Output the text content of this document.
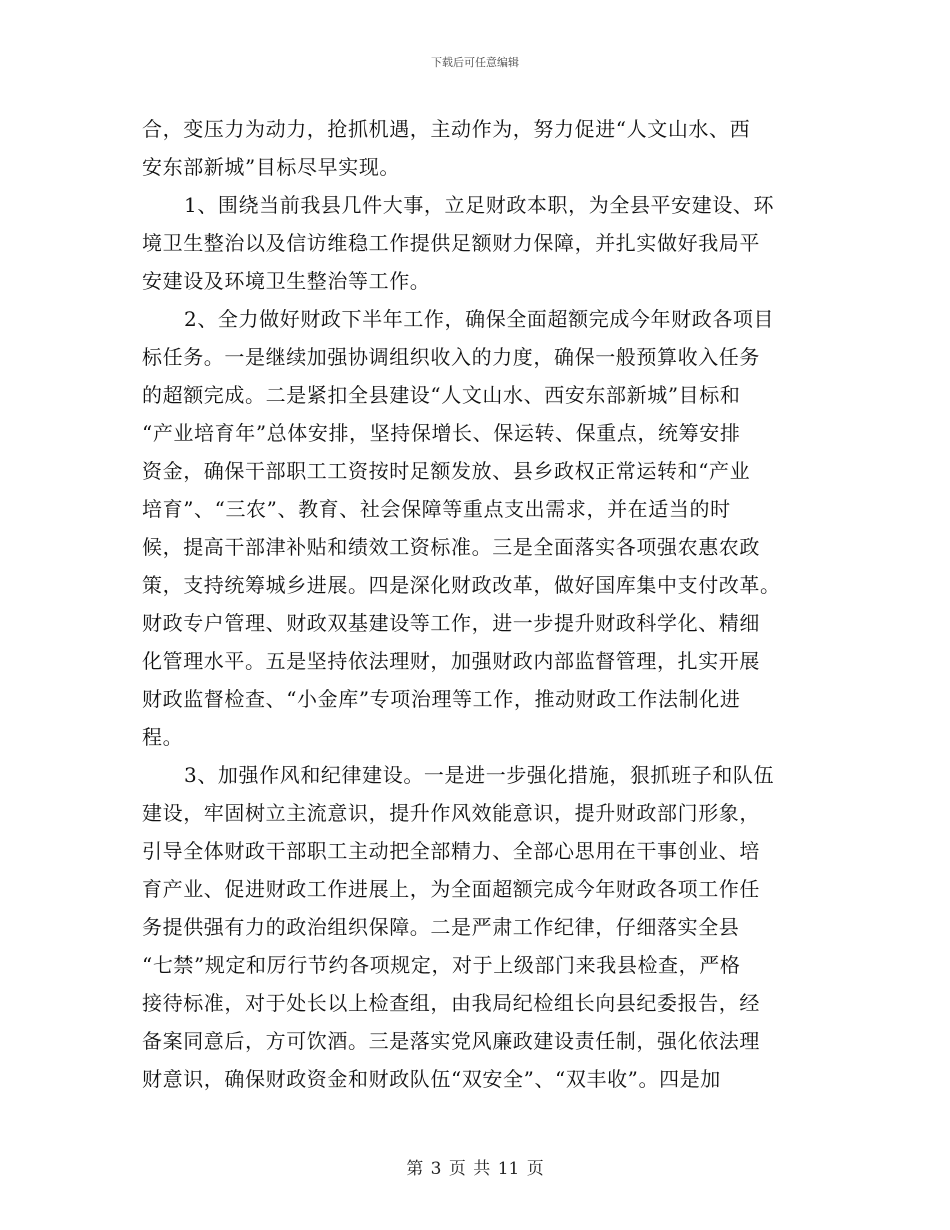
下载后可任意编辑
合，变压力为动力，抢抓机遇，主动作为，努力促进“人文山水、西
安东部新城”目标尽早实现。
1、围绕当前我县几件大事，立足财政本职，为全县平安建设、环
境卫生整治以及信访维稳工作提供足额财力保障，并扎实做好我局平
安建设及环境卫生整治等工作。
2、全力做好财政下半年工作，确保全面超额完成今年财政各项目
标任务。一是继续加强协调组织收入的力度，确保一般预算收入任务
的超额完成。二是紧扣全县建设“人文山水、西安东部新城”目标和
“产业培育年”总体安排，坚持保增长、保运转、保重点，统筹安排
资金，确保干部职工工资按时足额发放、县乡政权正常运转和“产业
培育”、“三农”、教育、社会保障等重点支出需求，并在适当的时
候，提高干部津补贴和绩效工资标准。三是全面落实各项强农惠农政
策，支持统筹城乡进展。四是深化财政改革，做好国库集中支付改革。
财政专户管理、财政双基建设等工作，进一步提升财政科学化、精细
化管理水平。五是坚持依法理财，加强财政内部监督管理，扎实开展
财政监督检查、“小金库”专项治理等工作，推动财政工作法制化进
程。
3、加强作风和纪律建设。一是进一步强化措施，狠抓班子和队伍
建设，牢固树立主流意识，提升作风效能意识，提升财政部门形象，
引导全体财政干部职工主动把全部精力、全部心思用在干事创业、培
育产业、促进财政工作进展上，为全面超额完成今年财政各项工作任
务提供强有力的政治组织保障。二是严肃工作纪律，仔细落实全县
“七禁”规定和厉行节约各项规定，对于上级部门来我县检查，严格
接待标准，对于处长以上检查组，由我局纪检组长向县纪委报告，经
备案同意后，方可饮酒。三是落实党风廉政建设责任制，强化依法理
财意识，确保财政资金和财政队伍“双安全”、“双丰收”。四是加
第 3 页 共 11 页
